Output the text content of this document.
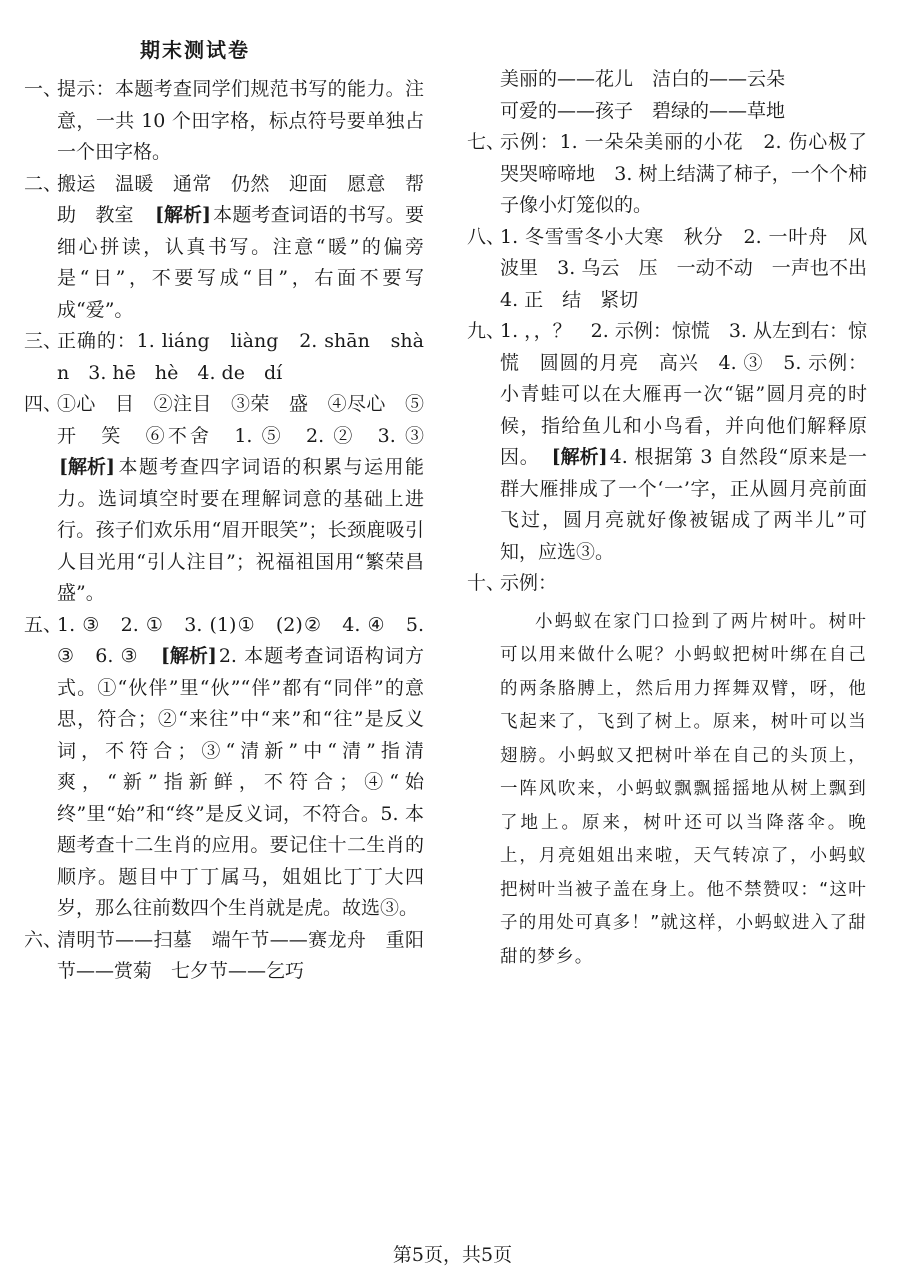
期末测试卷
一、
提示：本题考查同学们规范书写的能力。注意，一共 10 个田字格，标点符号要单独占一个田字格。
二、
搬运　温暖　通常　仍然　迎面　愿意　帮助　教室　[ 解析 ] 本题考查词语的书写。要细心拼读，认真书写。注意“暖”的偏旁是“日”，不要写成“目”，右面不要写成“爱”。
三、
正确的：1. liáng　liàng　2. shān　shàn　3. hē　hè　4. de　dí
四、
①心　目　②注目　③荣　盛　④尽心　⑤开　笑　⑥不舍　1. ⑤　2. ②　3. ③　[ 解析 ] 本题考查四字词语的积累与运用能力。选词填空时要在理解词意的基础上进行。孩子们欢乐用“眉开眼笑”；长颈鹿吸引人目光用“引人注目”；祝福祖国用“繁荣昌盛”。
五、
1. ③　2. ①　3. (1)①　(2)②　4. ④　5. ③　6. ③　[ 解析 ] 2. 本题考查词语构词方式。①“伙伴”里“伙”“伴”都有“同伴”的意思，符合；②“来往”中“来”和“往”是反义词，不符合；③“清新”中“清”指清爽，“新”指新鲜，不符合；④“始终”里“始”和“终”是反义词，不符合。5. 本题考查十二生肖的应用。要记住十二生肖的顺序。题目中丁丁属马，姐姐比丁丁大四岁，那么往前数四个生肖就是虎。故选③。
六、
清明节——扫墓　端午节——赛龙舟　重阳节——赏菊　七夕节——乞巧
美丽的——花儿　洁白的——云朵
可爱的——孩子　碧绿的——草地
七、
示例：1. 一朵朵美丽的小花　2. 伤心极了　哭哭啼啼地　3. 树上结满了柿子，一个个柿子像小灯笼似的。
八、
1. 冬雪雪冬小大寒　秋分　2. 一叶舟　风波里　3. 乌云　压　一动不动　一声也不出　4. 正　结　紧切
九、
1. ，，？　2. 示例：惊慌　3. 从左到右：惊慌　圆圆的月亮　高兴　4. ③　5. 示例：小青蛙可以在大雁再一次“锯”圆月亮的时候，指给鱼儿和小鸟看，并向他们解释原因。　[ 解析 ] 4. 根据第 3 自然段“原来是一群大雁排成了一个‘一’字，正从圆月亮前面飞过，圆月亮就好像被锯成了两半儿”可知，应选③。
十、
示例：
小蚂蚁在家门口捡到了两片树叶。树叶可以用来做什么呢？小蚂蚁把树叶绑在自己的两条胳膊上，然后用力挥舞双臂，呀，他飞起来了，飞到了树上。原来，树叶可以当翅膀。小蚂蚁又把树叶举在自己的头顶上，一阵风吹来，小蚂蚁飘飘摇摇地从树上飘到了地上。原来，树叶还可以当降落伞。晚上，月亮姐姐出来啦，天气转凉了，小蚂蚁把树叶当被子盖在身上。他不禁赞叹：“这叶子的用处可真多！”就这样，小蚂蚁进入了甜甜的梦乡。
第5页，共5页
